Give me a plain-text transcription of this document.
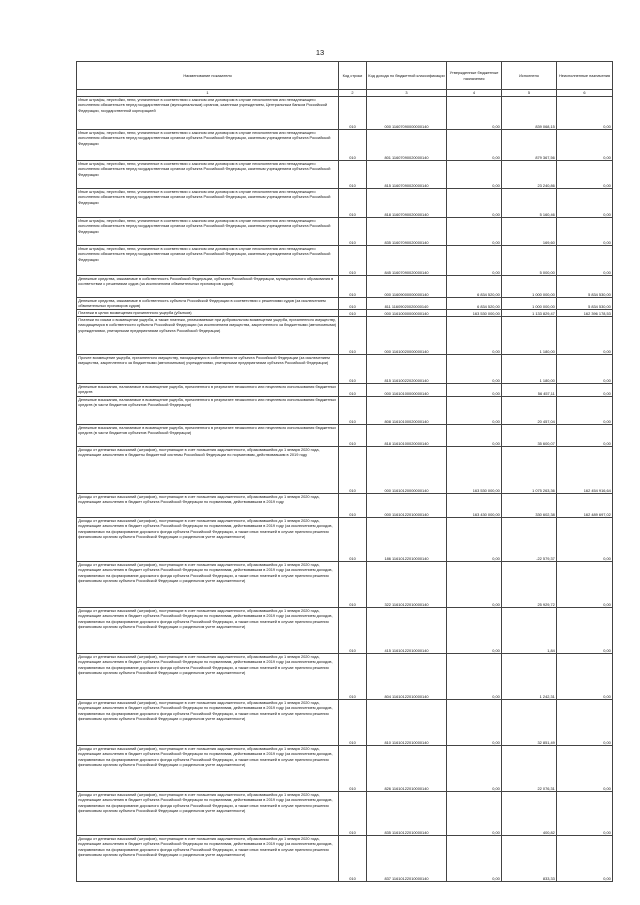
13
Наименование показателя	Код строки	Код дохода по бюджетной классификации	Утвержденные бюджетные назначения	Исполнено	Неисполненные назначения
1	2	3	4	5	6
Иные штрафы, неустойки, пени, уплаченные в соответствии с законом или договором в случае неисполнения или ненадлежащего исполнения обязательств перед государственным (муниципальным) органом, казенным учреждением, Центральным банком Российской Федерации, государственной корпорацией	010	000 11607090000000140	0,00	839 068,15	0,00
Иные штрафы, неустойки, пени, уплаченные в соответствии с законом или договором в случае неисполнения или ненадлежащего исполнения обязательств перед государственным органом субъекта Российской Федерации, казенным учреждением субъекта Российской Федерации	010	801 11607090020000140	0,00	879 367,56	0,00
Иные штрафы, неустойки, пени, уплаченные в соответствии с законом или договором в случае неисполнения или ненадлежащего исполнения обязательств перед государственным органом субъекта Российской Федерации, казенным учреждением субъекта Российской Федерации	010	815 11607090020000140	0,00	23 240,86	0,00
Иные штрафы, неустойки, пени, уплаченные в соответствии с законом или договором в случае неисполнения или ненадлежащего исполнения обязательств перед государственным органом субъекта Российской Федерации, казенным учреждением субъекта Российской Федерации	010	818 11607090020000140	0,00	5 160,46	0,00
Иные штрафы, неустойки, пени, уплаченные в соответствии с законом или договором в случае неисполнения или ненадлежащего исполнения обязательств перед государственным органом субъекта Российской Федерации, казенным учреждением субъекта Российской Федерации	010	835 11607090020000140	0,00	169,60	0,00
Иные штрафы, неустойки, пени, уплаченные в соответствии с законом или договором в случае неисполнения или ненадлежащего исполнения обязательств перед государственным органом субъекта Российской Федерации, казенным учреждением субъекта Российской Федерации	010	845 11607090020000140	0,00	5 000,00	0,00
Денежные средства, изымаемые в собственность Российской Федерации, субъекта Российской Федерации, муниципального образования в соответствии с решениями судов (за исключением обвинительных приговоров судов)	010	000 11609000000000140	6 834 520,00	1 000 000,00	5 834 530,00
Денежные средства, изымаемые в собственность субъекта Российской Федерации в соответствии с решениями судов (за исключением обвинительных приговоров судов)	010	811 11609020020000140	6 834 520,00	1 000 000,00	5 834 530,00
Платежи в целях возмещения причиненного ущерба (убытков)	010	000 11610000000000140	163 530 000,00	1 133 829,47	162 396 178,53
Платежи по искам о возмещении ущерба, а также платежи, уплачиваемые при добровольном возмещении ущерба, причиненного имуществу, находящемуся в собственности субъекта Российской Федерации (за исключением имущества, закрепленного за бюджетными (автономными) учреждениями, унитарными предприятиями субъекта Российской Федерации)	010	000 11610020000000140	0,00	1 180,00	0,00
Прочее возмещение ущерба, причиненного имуществу, находящемуся в собственности субъекта Российской Федерации (за исключением имущества, закрепленного за бюджетными (автономными) учреждениями, унитарными предприятиями субъекта Российской Федерации)	010	815 11610022020000140	0,00	1 180,00	0,00
Денежные взыскания, налагаемые в возмещение ущерба, причиненного в результате незаконного или нецелевого использования бюджетных средств	010	000 11610100000000140	0,00	56 457,11	0,00
Денежные взыскания, налагаемые в возмещение ущерба, причиненного в результате незаконного или нецелевого использования бюджетных средств (в части бюджетов субъектов Российской Федерации)	010	808 11610100020000140	0,00	20 457,04	0,00
Денежные взыскания, налагаемые в возмещение ущерба, причиненного в результате незаконного или нецелевого использования бюджетных средств (в части бюджетов субъектов Российской Федерации)	010	818 11610100020000140	0,00	35 600,07	0,00
Доходы от денежных взысканий (штрафов), поступающие в счет погашения задолженности, образовавшейся до 1 января 2020 года, подлежащие зачислению в бюджеты бюджетной системы Российской Федерации по нормативам, действовавшим в 2019 году	010	000 11610120000000140	163 530 000,00	1 075 263,36	162 454 916,64
Доходы от денежных взысканий (штрафов), поступающие в счет погашения задолженности, образовавшейся до 1 января 2020 года, подлежащие зачислению в бюджет субъекта Российской Федерации по нормативам, действовавшим в 2019 году	010	000 11610122010000140	163 430 000,00	330 602,38	162 489 697,02
Доходы от денежных взысканий (штрафов), поступающие в счет погашения задолженности, образовавшейся до 1 января 2020 года, подлежащие зачислению в бюджет субъекта Российской Федерации по нормативам, действовавшим в 2019 году (за исключением доходов, направляемых на формирование дорожного фонда субъекта Российской Федерации, а также иных платежей в случае принятия решения финансовым органом субъекта Российской Федерации о раздельном учете задолженности)	010	186 11610122010000140	0,00	-22 579,37	0,00
Доходы от денежных взысканий (штрафов), поступающие в счет погашения задолженности, образовавшейся до 1 января 2020 года, подлежащие зачислению в бюджет субъекта Российской Федерации по нормативам, действовавшим в 2019 году (за исключением доходов, направляемых на формирование дорожного фонда субъекта Российской Федерации, а также иных платежей в случае принятия решения финансовым органом субъекта Российской Федерации о раздельном учете задолженности)	010	322 11610122010000140	0,00	25 929,72	0,00
Доходы от денежных взысканий (штрафов), поступающие в счет погашения задолженности, образовавшейся до 1 января 2020 года, подлежащие зачислению в бюджет субъекта Российской Федерации по нормативам, действовавшим в 2019 году (за исключением доходов, направляемых на формирование дорожного фонда субъекта Российской Федерации, а также иных платежей в случае принятия решения финансовым органом субъекта Российской Федерации о раздельном учете задолженности)	010	415 11610122010000140	0,00	1,84	0,00
Доходы от денежных взысканий (штрафов), поступающие в счет погашения задолженности, образовавшейся до 1 января 2020 года, подлежащие зачислению в бюджет субъекта Российской Федерации по нормативам, действовавшим в 2019 году (за исключением доходов, направляемых на формирование дорожного фонда субъекта Российской Федерации, а также иных платежей в случае принятия решения финансовым органом субъекта Российской Федерации о раздельном учете задолженности)	010	804 11610122010000140	0,00	1 242,31	0,00
Доходы от денежных взысканий (штрафов), поступающие в счет погашения задолженности, образовавшейся до 1 января 2020 года, подлежащие зачислению в бюджет субъекта Российской Федерации по нормативам, действовавшим в 2019 году (за исключением доходов, направляемых на формирование дорожного фонда субъекта Российской Федерации, а также иных платежей в случае принятия решения финансовым органом субъекта Российской Федерации о раздельном учете задолженности)	010	810 11610122010000140	0,00	32 851,49	0,00
Доходы от денежных взысканий (штрафов), поступающие в счет погашения задолженности, образовавшейся до 1 января 2020 года, подлежащие зачислению в бюджет субъекта Российской Федерации по нормативам, действовавшим в 2019 году (за исключением доходов, направляемых на формирование дорожного фонда субъекта Российской Федерации, а также иных платежей в случае принятия решения финансовым органом субъекта Российской Федерации о раздельном учете задолженности)	010	826 11610122010000140	0,00	22 076,31	0,00
Доходы от денежных взысканий (штрафов), поступающие в счет погашения задолженности, образовавшейся до 1 января 2020 года, подлежащие зачислению в бюджет субъекта Российской Федерации по нормативам, действовавшим в 2019 году (за исключением доходов, направляемых на формирование дорожного фонда субъекта Российской Федерации, а также иных платежей в случае принятия решения финансовым органом субъекта Российской Федерации о раздельном учете задолженности)	010	835 11610122010000140	0,00	400,82	0,00
Доходы от денежных взысканий (штрафов), поступающие в счет погашения задолженности, образовавшейся до 1 января 2020 года, подлежащие зачислению в бюджет субъекта Российской Федерации по нормативам, действовавшим в 2019 году (за исключением доходов, направляемых на формирование дорожного фонда субъекта Российской Федерации, а также иных платежей в случае принятия решения финансовым органом субъекта Российской Федерации о раздельном учете задолженности)	010	837 11610122010000140	0,00	833,33	0,00
